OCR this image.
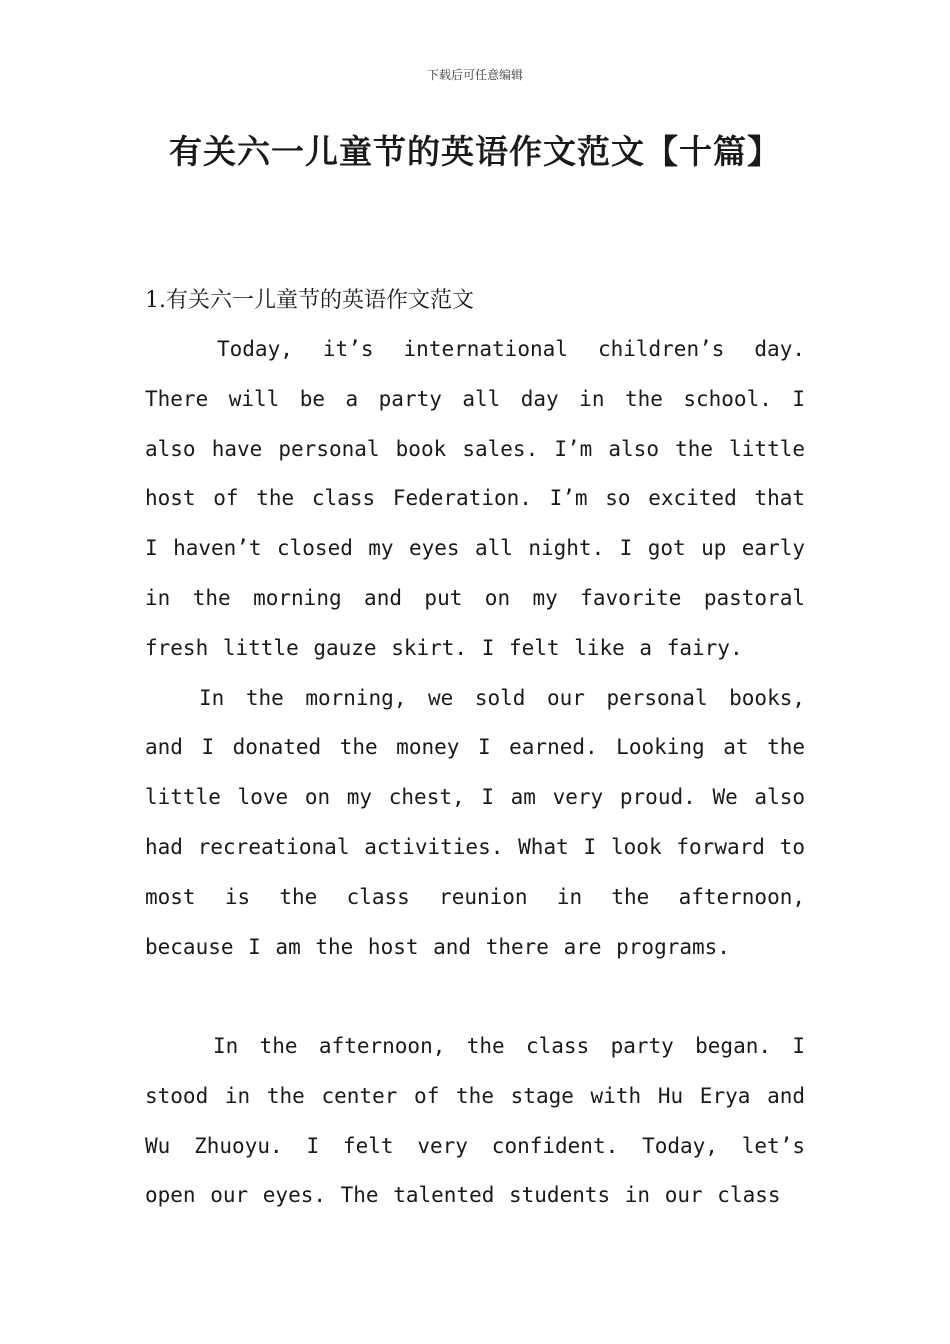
下载后可任意编辑
有关六一儿童节的英语作文范文【十篇】
1.有关六一儿童节的英语作文范文

Today, it’s international children’s day. There will be a party all day in the school. I also have personal book sales. I’m also the little host of the class Federation. I’m so excited that I haven’t closed my eyes all night. I got up early in the morning and put on my favorite pastoral fresh little gauze skirt. I felt like a fairy.

In the morning, we sold our personal books, and I donated the money I earned. Looking at the little love on my chest, I am very proud. We also had recreational activities. What I look forward to most is the class reunion in the afternoon, because I am the host and there are programs.

In the afternoon, the class party began. I stood in the center of the stage with Hu Erya and Wu Zhuoyu. I felt very confident. Today, let’s open our eyes. The talented students in our class
